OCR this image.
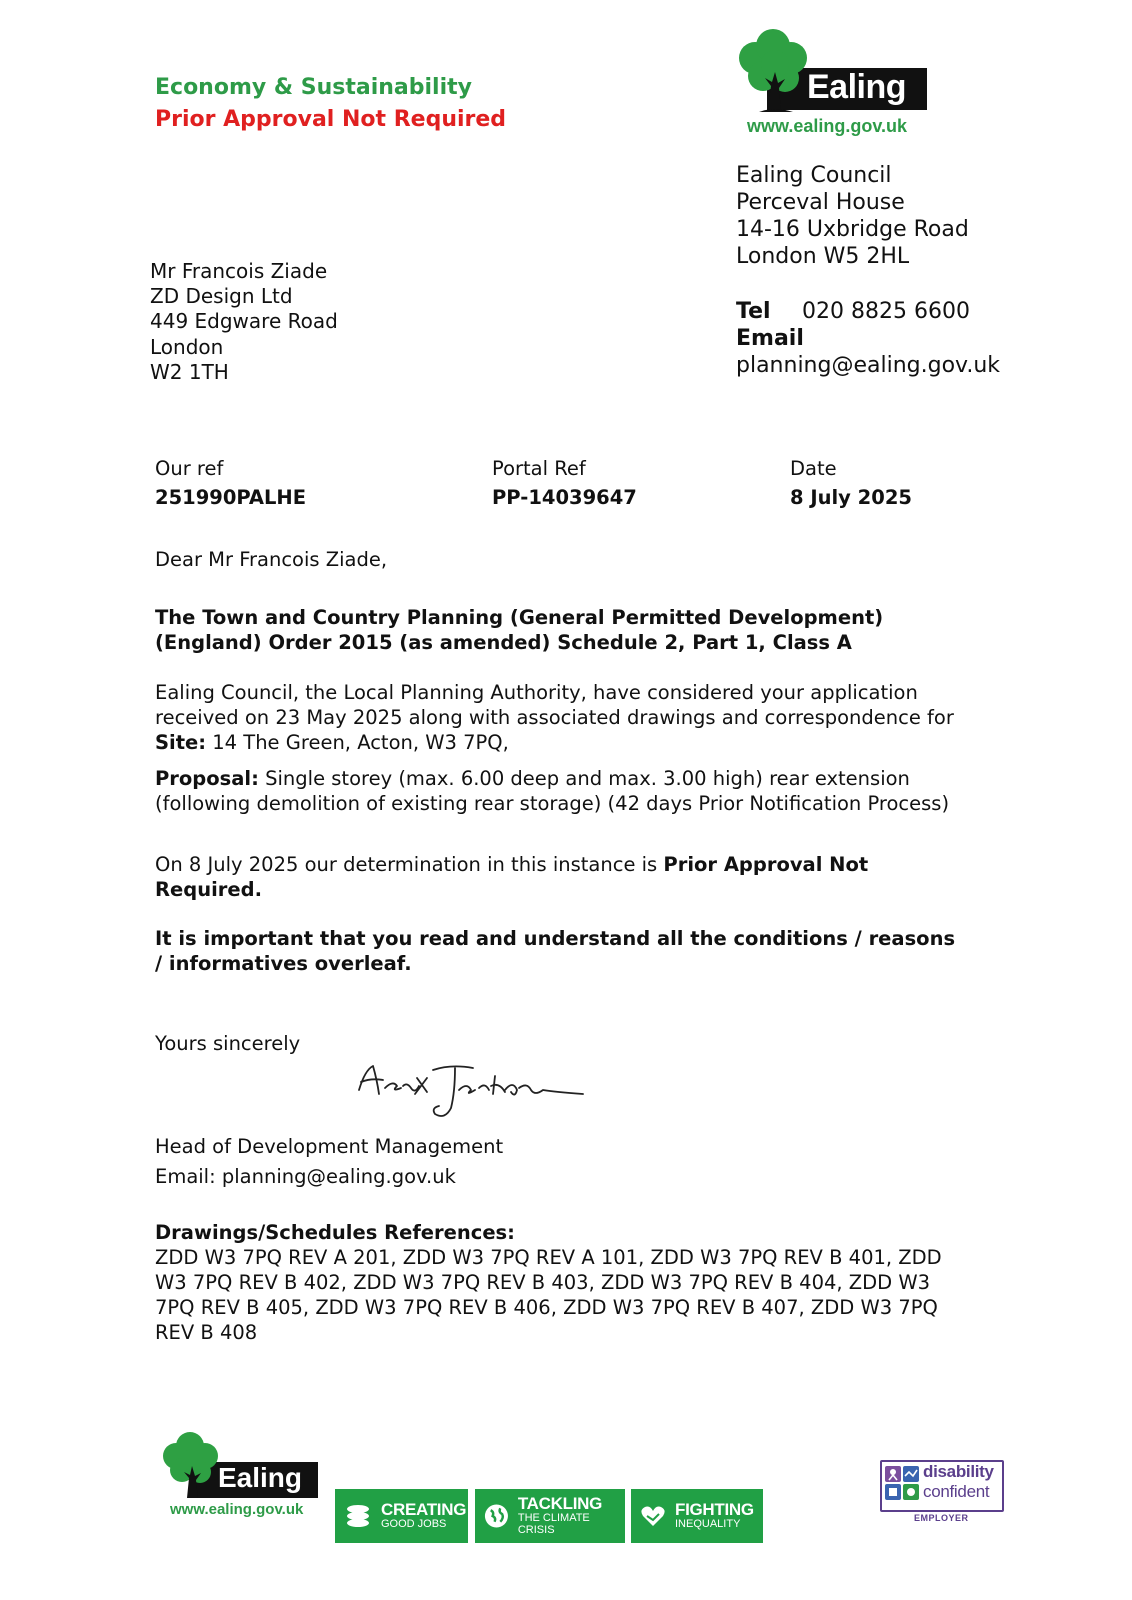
Economy & Sustainability
Prior Approval Not Required
Ealing
www.ealing.gov.uk
Ealing Council
Perceval House
14-16 Uxbridge Road
London W5 2HL
Tel 020 8825 6600
Email
planning@ealing.gov.uk
Mr Francois Ziade
ZD Design Ltd
449 Edgware Road
London
W2 1TH
Our ref
251990PALHE
Portal Ref
PP-14039647
Date
8 July 2025
Dear Mr Francois Ziade,
The Town and Country Planning (General Permitted Development)
(England) Order 2015 (as amended) Schedule 2, Part 1, Class A
Ealing Council, the Local Planning Authority, have considered your application
received on 23 May 2025 along with associated drawings and correspondence for
Site: 14 The Green, Acton, W3 7PQ,
Proposal: Single storey (max. 6.00 deep and max. 3.00 high) rear extension
(following demolition of existing rear storage) (42 days Prior Notification Process)
On 8 July 2025 our determination in this instance is Prior Approval Not
Required.
It is important that you read and understand all the conditions / reasons
/ informatives overleaf.
Yours sincerely
Head of Development Management
Email: planning@ealing.gov.uk
Drawings/Schedules References:
ZDD W3 7PQ REV A 201, ZDD W3 7PQ REV A 101, ZDD W3 7PQ REV B 401, ZDD
W3 7PQ REV B 402, ZDD W3 7PQ REV B 403, ZDD W3 7PQ REV B 404, ZDD W3
7PQ REV B 405, ZDD W3 7PQ REV B 406, ZDD W3 7PQ REV B 407, ZDD W3 7PQ
REV B 408
Ealing
www.ealing.gov.uk	CREATING
GOOD JOBS
TACKLING
THE CLIMATE CRISIS
FIGHTING
INEQUALITY
disability
confident
EMPLOYER
